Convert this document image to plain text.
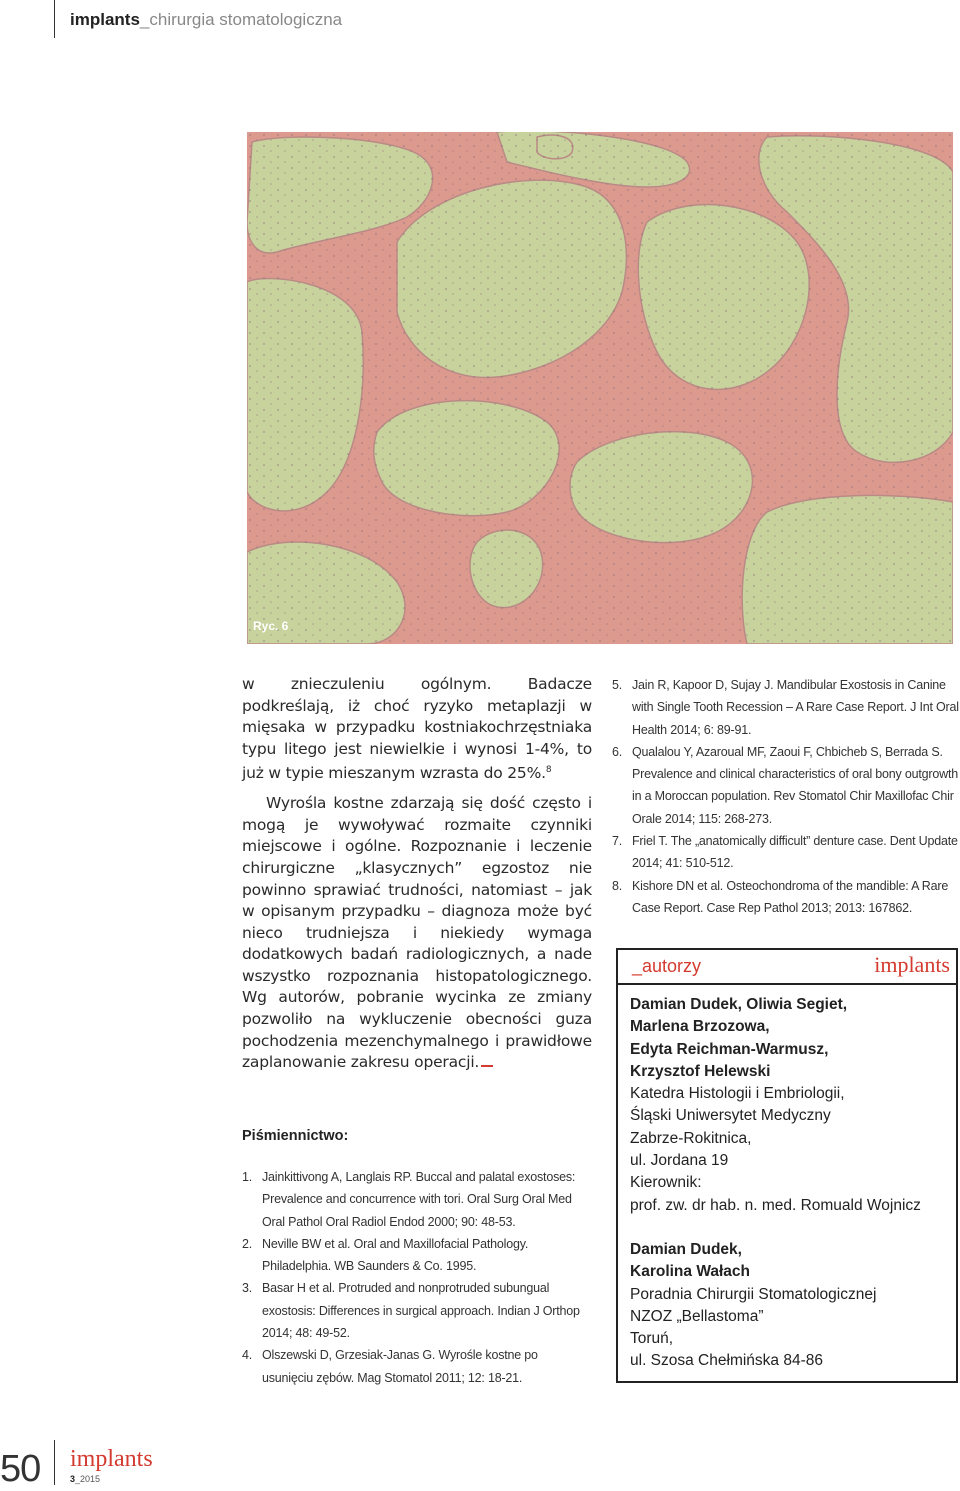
implants_chirurgia stomatologiczna
Ryc. 6

w znieczuleniu ogólnym. Badacze podkreślają, iż choć ryzyko metaplazji w mięsaka w przypadku kostniakochrzęstniaka typu litego jest niewielkie i wynosi 1-4%, to już w typie mieszanym wzrasta do 25%.$^8$

Wyrośla kostne zdarzają się dość często i mogą je wywoływać rozmaite czynniki miejscowe i ogólne. Rozpoznanie i leczenie chirurgiczne „klasycznych” egzostoz nie powinno sprawiać trudności, natomiast – jak w opisanym przypadku – diagnoza może być nieco trudniejsza i niekiedy wymaga dodatkowych badań radiologicznych, a nade wszystko rozpoznania histopatologicznego. Wg autorów, pobranie wycinka ze zmiany pozwoliło na wykluczenie obecności guza pochodzenia mezenchymalnego i prawidłowe zaplanowanie zakresu operacji.

Piśmiennictwo:
1. Jainkittivong A, Langlais RP. Buccal and palatal exostoses: Prevalence and concurrence with tori. Oral Surg Oral Med Oral Pathol Oral Radiol Endod 2000; 90: 48-53.
2. Neville BW et al. Oral and Maxillofacial Pathology. Philadelphia. WB Saunders & Co. 1995.
3. Basar H et al. Protruded and nonprotruded subungual exostosis: Differences in surgical approach. Indian J Orthop 2014; 48: 49-52.
4. Olszewski D, Grzesiak-Janas G. Wyrośle kostne po usunięciu zębów. Mag Stomatol 2011; 12: 18-21.
5. Jain R, Kapoor D, Sujay J. Mandibular Exostosis in Canine with Single Tooth Recession – A Rare Case Report. J Int Oral Health 2014; 6: 89-91.
6. Qualalou Y, Azaroual MF, Zaoui F, Chbicheb S, Berrada S. Prevalence and clinical characteristics of oral bony outgrowth in a Moroccan population. Rev Stomatol Chir Maxillofac Chir Orale 2014; 115: 268-273.
7. Friel T. The „anatomically difficult” denture case. Dent Update 2014; 41: 510-512.
8. Kishore DN et al. Osteochondroma of the mandible: A Rare Case Report. Case Rep Pathol 2013; 2013: 167862.
_autorzy	implants
Damian Dudek, Oliwia Segiet,
Marlena Brzozowa,
Edyta Reichman-Warmusz,
Krzysztof Helewski
Katedra Histologii i Embriologii,
Śląski Uniwersytet Medyczny
Zabrze-Rokitnica,
ul. Jordana 19
Kierownik:
prof. zw. dr hab. n. med. Romuald Wojnicz
Damian Dudek,
Karolina Wałach
Poradnia Chirurgii Stomatologicznej
NZOZ „Bellastoma”
Toruń,
ul. Szosa Chełmińska 84-86
50 implants
3_2015
